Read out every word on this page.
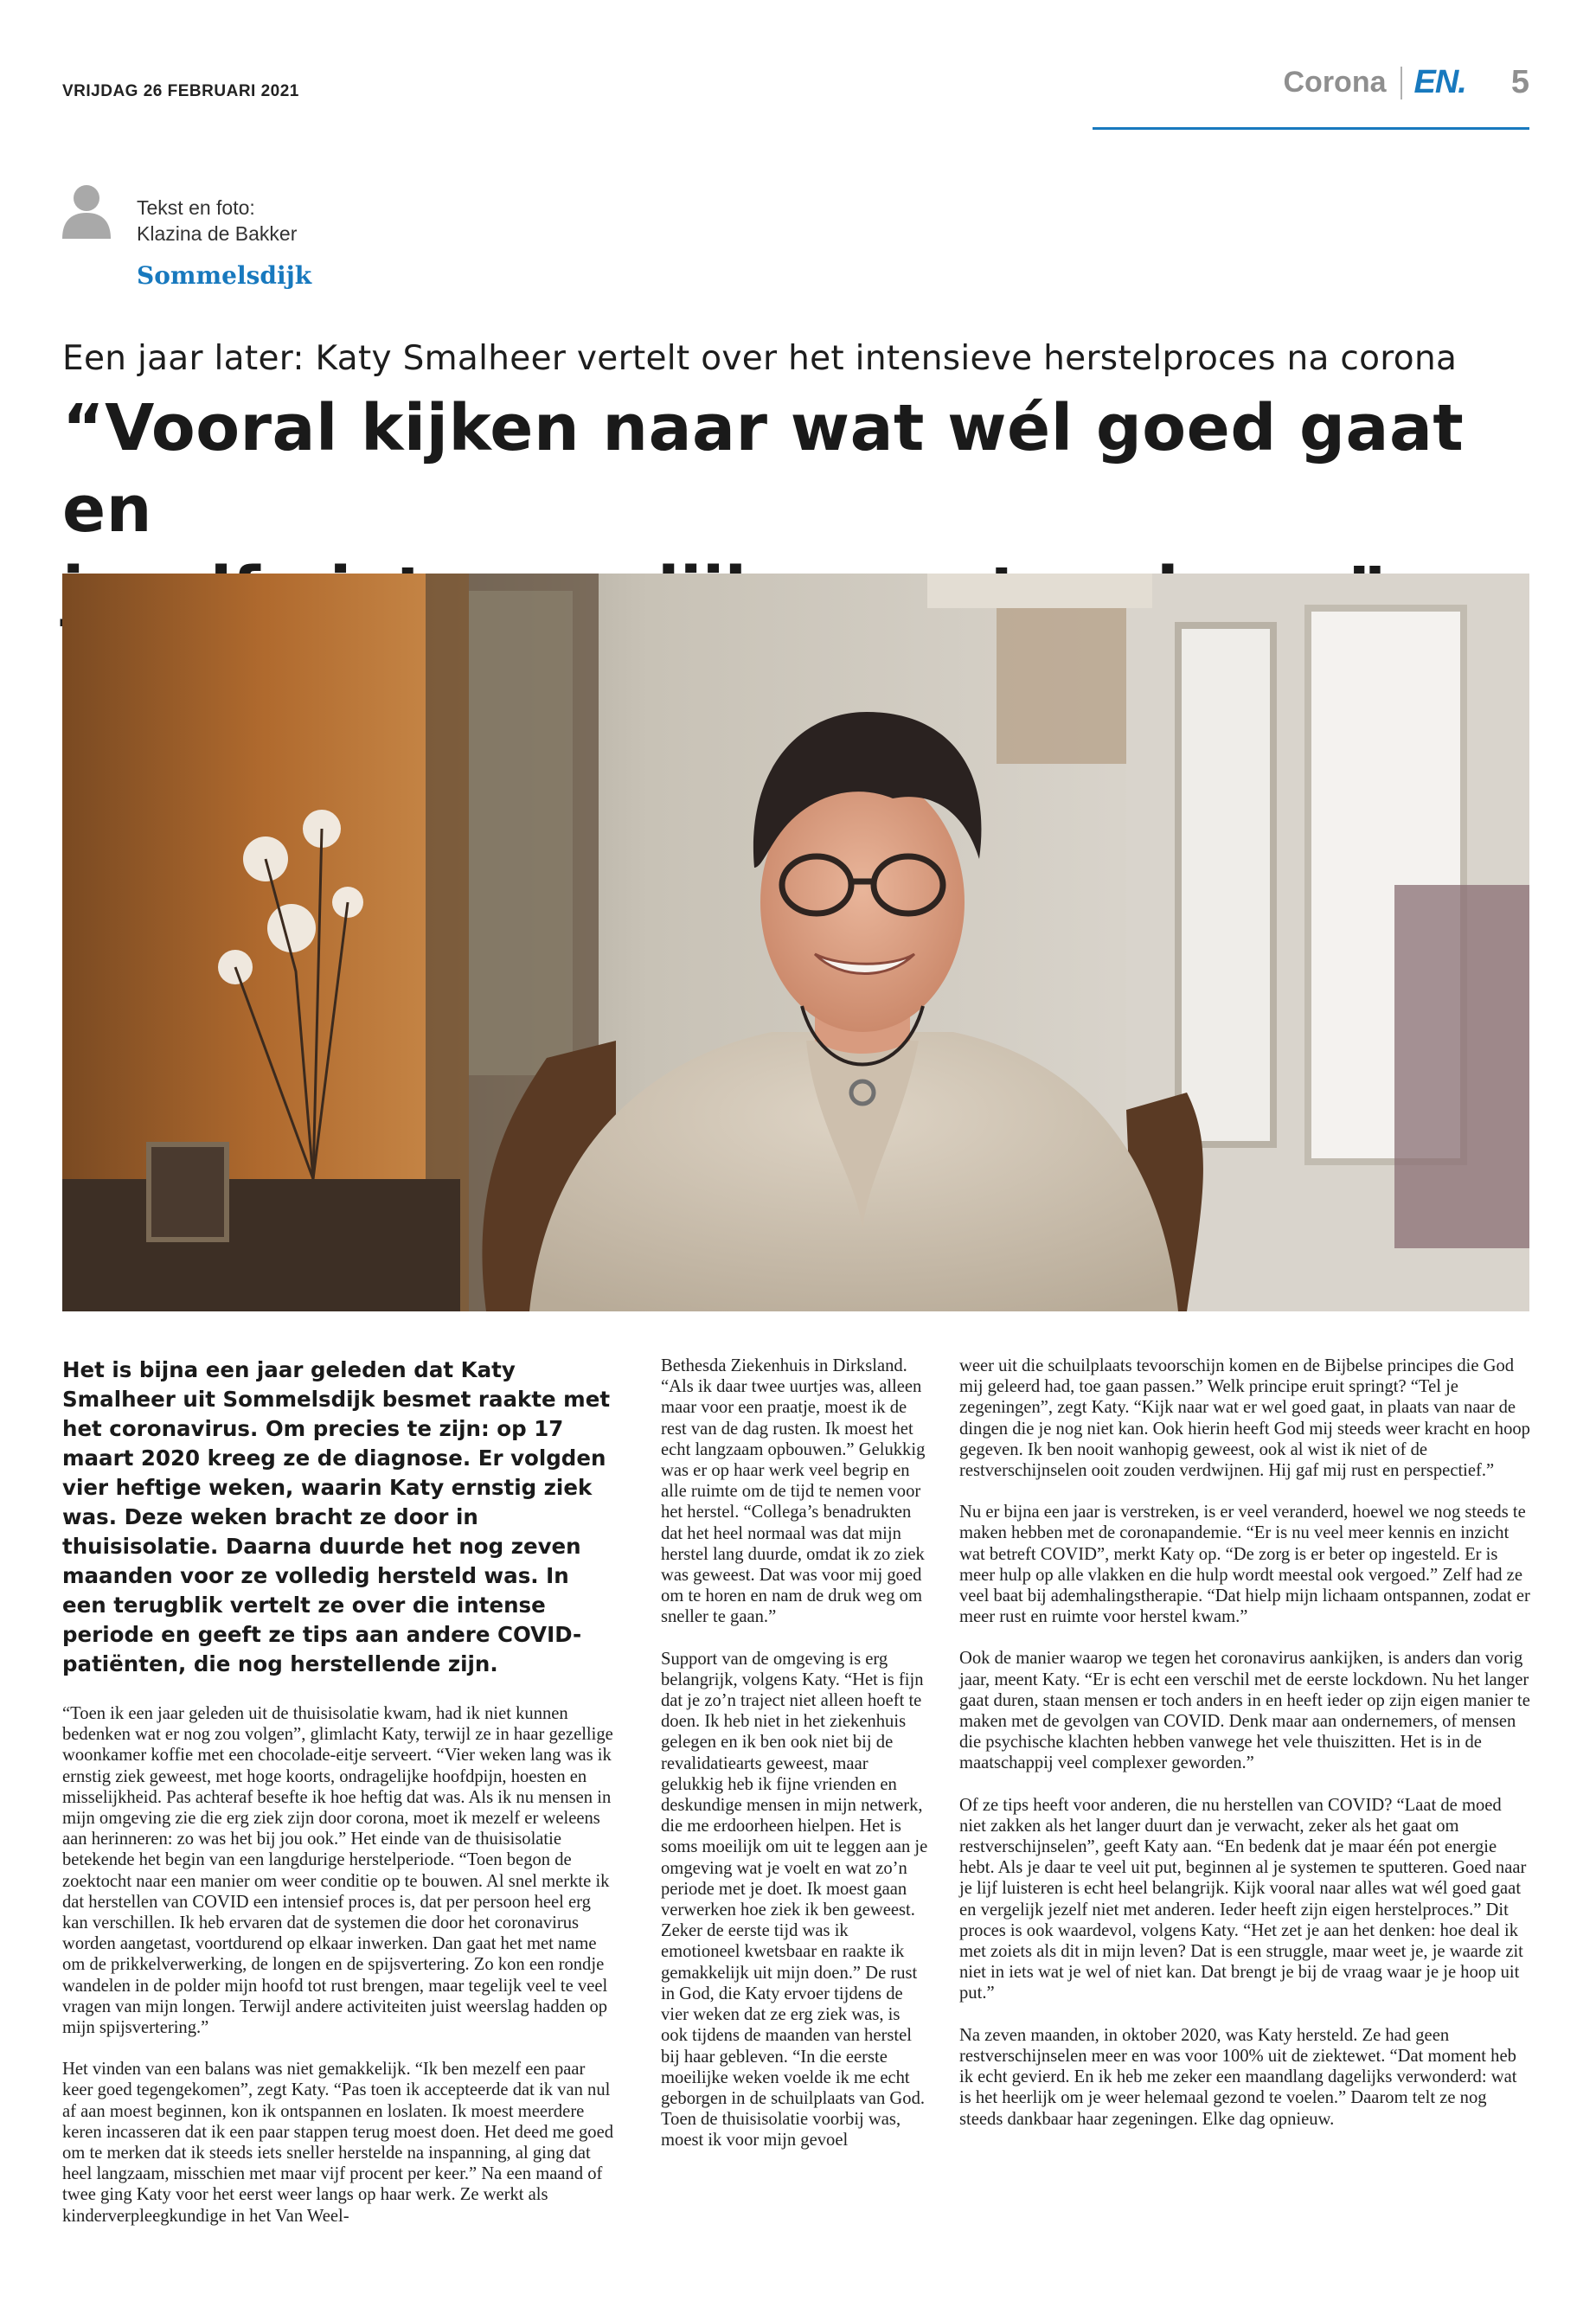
VRIJDAG 26 FEBRUARI 2021	Corona EN. 5
Tekst en foto:
Klazina de Bakker
Sommelsdijk
Een jaar later: Katy Smalheer vertelt over het intensieve herstelproces na corona
“Vooral kijken naar wat wél goed gaat en

Het is bijna een jaar geleden dat Katy Smalheer uit Sommelsdijk besmet raakte met het coronavirus. Om precies te zijn: op 17 maart 2020 kreeg ze de diagnose. Er volgden vier heftige weken, waarin Katy ernstig ziek was. Deze weken bracht ze door in thuisisolatie. Daarna duurde het nog zeven maanden voor ze volledig hersteld was. In een terugblik vertelt ze over die intense periode en geeft ze tips aan andere COVID-patiënten, die nog herstellende zijn.

“Toen ik een jaar geleden uit de thuisisolatie kwam, had ik niet kunnen bedenken wat er nog zou volgen”, glimlacht Katy, terwijl ze in haar gezellige woonkamer koffie met een chocolade-eitje serveert. “Vier weken lang was ik ernstig ziek geweest, met hoge koorts, ondragelijke hoofdpijn, hoesten en misselijkheid. Pas achteraf besefte ik hoe heftig dat was. Als ik nu mensen in mijn omgeving zie die erg ziek zijn door corona, moet ik mezelf er weleens aan herinneren: zo was het bij jou ook.” Het einde van de thuisisolatie betekende het begin van een langdurige herstelperiode. “Toen begon de zoektocht naar een manier om weer conditie op te bouwen. Al snel merkte ik dat herstellen van COVID een intensief proces is, dat per persoon heel erg kan verschillen. Ik heb ervaren dat de systemen die door het coronavirus worden aangetast, voortdurend op elkaar inwerken. Dan gaat het met name om de prikkelverwerking, de longen en de spijsvertering. Zo kon een rondje wandelen in de polder mijn hoofd tot rust brengen, maar tegelijk veel te veel vragen van mijn longen. Terwijl andere activiteiten juist weerslag hadden op mijn spijsvertering.”

Het vinden van een balans was niet gemakkelijk. “Ik ben mezelf een paar keer goed tegengekomen”, zegt Katy. “Pas toen ik accepteerde dat ik van nul af aan moest beginnen, kon ik ontspannen en loslaten. Ik moest meerdere keren incasseren dat ik een paar stappen terug moest doen. Het deed me goed om te merken dat ik steeds iets sneller herstelde na inspanning, al ging dat heel langzaam, misschien met maar vijf procent per keer.” Na een maand of twee ging Katy voor het eerst weer langs op haar werk. Ze werkt als kinderverpleegkundige in het Van Weel-

Bethesda Ziekenhuis in Dirksland. “Als ik daar twee uurtjes was, alleen maar voor een praatje, moest ik de rest van de dag rusten. Ik moest het echt langzaam opbouwen.” Gelukkig was er op haar werk veel begrip en alle ruimte om de tijd te nemen voor het herstel. “Collega’s benadrukten dat het heel normaal was dat mijn herstel lang duurde, omdat ik zo ziek was geweest. Dat was voor mij goed om te horen en nam de druk weg om sneller te gaan.”

Support van de omgeving is erg belangrijk, volgens Katy. “Het is fijn dat je zo’n traject niet alleen hoeft te doen. Ik heb niet in het ziekenhuis gelegen en ik ben ook niet bij de revalidatiearts geweest, maar gelukkig heb ik fijne vrienden en deskundige mensen in mijn netwerk, die me erdoorheen hielpen. Het is soms moeilijk om uit te leggen aan je omgeving wat je voelt en wat zo’n periode met je doet. Ik moest gaan verwerken hoe ziek ik ben geweest. Zeker de eerste tijd was ik emotioneel kwetsbaar en raakte ik gemakkelijk uit mijn doen.” De rust in God, die Katy ervoer tijdens de vier weken dat ze erg ziek was, is ook tijdens de maanden van herstel bij haar gebleven. “In die eerste moeilijke weken voelde ik me echt geborgen in de schuilplaats van God. Toen de thuisisolatie voorbij was, moest ik voor mijn gevoel

weer uit die schuilplaats tevoorschijn komen en de Bijbelse principes die God mij geleerd had, toe gaan passen.” Welk principe eruit springt? “Tel je zegeningen”, zegt Katy. “Kijk naar wat er wel goed gaat, in plaats van naar de dingen die je nog niet kan. Ook hierin heeft God mij steeds weer kracht en hoop gegeven. Ik ben nooit wanhopig geweest, ook al wist ik niet of de restverschijnselen ooit zouden verdwijnen. Hij gaf mij rust en perspectief.”

Nu er bijna een jaar is verstreken, is er veel veranderd, hoewel we nog steeds te maken hebben met de coronapandemie. “Er is nu veel meer kennis en inzicht wat betreft COVID”, merkt Katy op. “De zorg is er beter op ingesteld. Er is meer hulp op alle vlakken en die hulp wordt meestal ook vergoed.” Zelf had ze veel baat bij ademhalingstherapie. “Dat hielp mijn lichaam ontspannen, zodat er meer rust en ruimte voor herstel kwam.”

Ook de manier waarop we tegen het coronavirus aankijken, is anders dan vorig jaar, meent Katy. “Er is echt een verschil met de eerste lockdown. Nu het langer gaat duren, staan mensen er toch anders in en heeft ieder op zijn eigen manier te maken met de gevolgen van COVID. Denk maar aan ondernemers, of mensen die psychische klachten hebben vanwege het vele thuiszitten. Het is in de maatschappij veel complexer geworden.”

Of ze tips heeft voor anderen, die nu herstellen van COVID? “Laat de moed niet zakken als het langer duurt dan je verwacht, zeker als het gaat om restverschijnselen”, geeft Katy aan. “En bedenk dat je maar één pot energie hebt. Als je daar te veel uit put, beginnen al je systemen te sputteren. Goed naar je lijf luisteren is echt heel belangrijk. Kijk vooral naar alles wat wél goed gaat en vergelijk jezelf niet met anderen. Ieder heeft zijn eigen herstelproces.” Dit proces is ook waardevol, volgens Katy. “Het zet je aan het denken: hoe deal ik met zoiets als dit in mijn leven? Dat is een struggle, maar weet je, je waarde zit niet in iets wat je wel of niet kan. Dat brengt je bij de vraag waar je je hoop uit put.”

Na zeven maanden, in oktober 2020, was Katy hersteld. Ze had geen restverschijnselen meer en was voor 100% uit de ziektewet. “Dat moment heb ik echt gevierd. En ik heb me zeker een maandlang dagelijks verwonderd: wat is het heerlijk om je weer helemaal gezond te voelen.” Daarom telt ze nog steeds dankbaar haar zegeningen. Elke dag opnieuw.
